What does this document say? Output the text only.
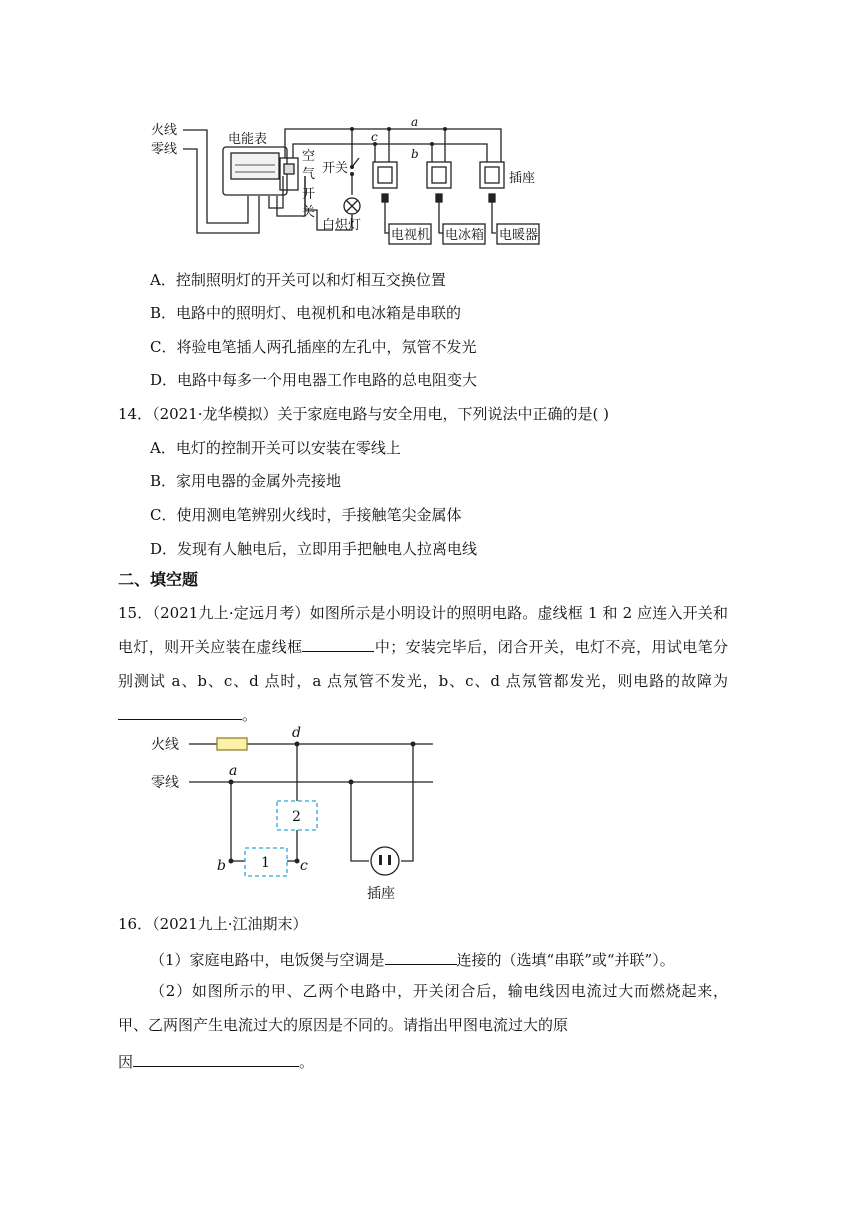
火线
零线
电能表
空
气
开
关
开关
白炽灯
插座
电视机 电冰箱 电暖器
a
b
c
A．控制照明灯的开关可以和灯相互交换位置
B．电路中的照明灯、电视机和电冰箱是串联的
C．将验电笔插人两孔插座的左孔中，氖管不发光
D．电路中每多一个用电器工作电路的总电阻变大
14．（2021·龙华模拟）关于家庭电路与安全用电，下列说法中正确的是( )
A．电灯的控制开关可以安装在零线上
B．家用电器的金属外壳接地
C．使用测电笔辨别火线时，手接触笔尖金属体
D．发现有人触电后，立即用手把触电人拉离电线
二、填空题
15．（2021九上·定远月考）如图所示是小明设计的照明电路。虚线框 1 和 2 应连入开关和电灯，则开关应装在虚线框	中；安装完毕后，闭合开关，电灯不亮，用试电笔分别测试 a、b、c、d 点时，a 点氖管不发光，b、c、d 点氖管都发光，则电路的故障为。
火线
零线
插座
2
1
d
a
b	c
16．（2021九上·江油期末）
（1）家庭电路中，电饭煲与空调是	连接的（选填“串联”或“并联”）。
（2）如图所示的甲、乙两个电路中，开关闭合后，输电线因电流过大而燃烧起来，甲、乙两图产生电流过大的原因是不同的。请指出甲图电流过大的原

因	。
